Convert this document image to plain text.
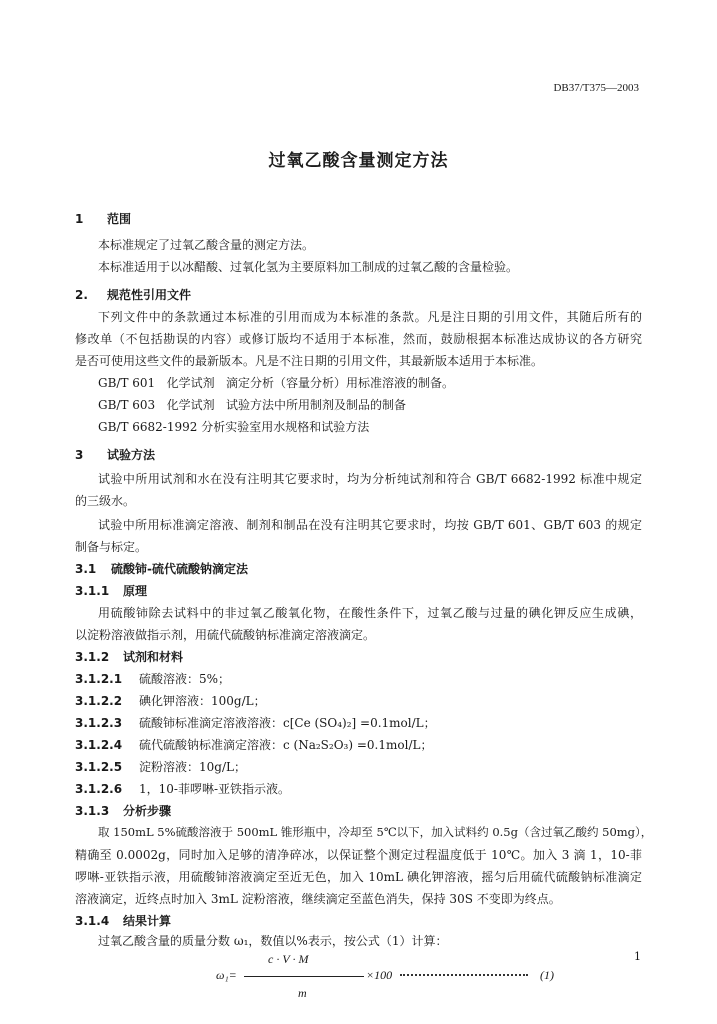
DB37/T375—2003
过氧乙酸含量测定方法
1 范围
本标准规定了过氧乙酸含量的测定方法。
本标准适用于以冰醋酸、过氧化氢为主要原料加工制成的过氧乙酸的含量检验。
2. 规范性引用文件
下列文件中的条款通过本标准的引用而成为本标准的条款。凡是注日期的引用文件，其随后所有的
修改单（不包括勘误的内容）或修订版均不适用于本标准，然而，鼓励根据本标准达成协议的各方研究
是否可使用这些文件的最新版本。凡是不注日期的引用文件，其最新版本适用于本标准。
GB/T 601   化学试剂   滴定分析（容量分析）用标准溶液的制备。
GB/T 603   化学试剂   试验方法中所用制剂及制品的制备
GB/T 6682-1992 分析实验室用水规格和试验方法
3 试验方法
试验中所用试剂和水在没有注明其它要求时，均为分析纯试剂和符合 GB/T 6682-1992 标准中规定
的三级水。
试验中所用标准滴定溶液、制剂和制品在没有注明其它要求时，均按 GB/T 601、GB/T 603 的规定
制备与标定。
3.1 硫酸铈-硫代硫酸钠滴定法
3.1.1 原理
用硫酸铈除去试料中的非过氧乙酸氧化物，在酸性条件下，过氧乙酸与过量的碘化钾反应生成碘，
以淀粉溶液做指示剂，用硫代硫酸钠标准滴定溶液滴定。
3.1.2 试剂和材料
3.1.2.1 硫酸溶液：5%；
3.1.2.2 碘化钾溶液：100g/L；
3.1.2.3 硫酸铈标准滴定溶液溶液：c[Ce (SO₄)₂] =0.1mol/L；
3.1.2.4 硫代硫酸钠标准滴定溶液：c (Na₂S₂O₃) =0.1mol/L；
3.1.2.5 淀粉溶液：10g/L；
3.1.2.6 1，10-菲啰啉-亚铁指示液。
3.1.3 分析步骤
取 150mL 5%硫酸溶液于 500mL 锥形瓶中，冷却至 5℃以下，加入试料约 0.5g（含过氧乙酸约 50mg），
精确至 0.0002g，同时加入足够的清净碎冰，以保证整个测定过程温度低于 10℃。加入 3 滴 1，10-菲
啰啉-亚铁指示液，用硫酸铈溶液滴定至近无色，加入 10mL 碘化钾溶液，摇匀后用硫代硫酸钠标准滴定
溶液滴定，近终点时加入 3mL 淀粉溶液，继续滴定至蓝色消失，保持 30S 不变即为终点。
3.1.4 结果计算
过氧乙酸含量的质量分数 ω₁，数值以%表示，按公式（1）计算：
c · V · M
ω₁=	×100	(1)
m
1
